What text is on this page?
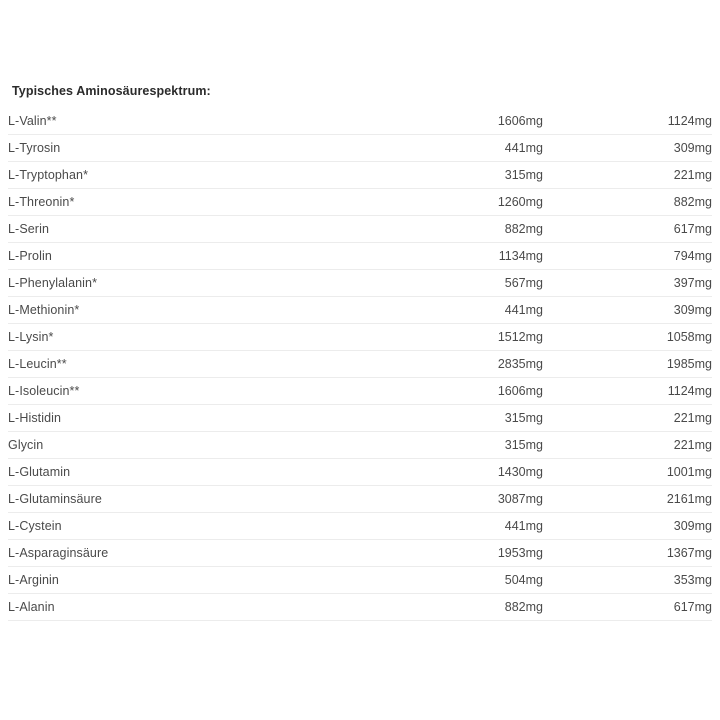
Typisches Aminosäurespektrum:
L-Valin**	1606mg	1124mg
L-Tyrosin	441mg	309mg
L-Tryptophan*	315mg	221mg
L-Threonin*	1260mg	882mg
L-Serin	882mg	617mg
L-Prolin	1134mg	794mg
L-Phenylalanin*	567mg	397mg
L-Methionin*	441mg	309mg
L-Lysin*	1512mg	1058mg
L-Leucin**	2835mg	1985mg
L-Isoleucin**	1606mg	1124mg
L-Histidin	315mg	221mg
Glycin	315mg	221mg
L-Glutamin	1430mg	1001mg
L-Glutaminsäure	3087mg	2161mg
L-Cystein	441mg	309mg
L-Asparaginsäure	1953mg	1367mg
L-Arginin	504mg	353mg
L-Alanin	882mg	617mg
